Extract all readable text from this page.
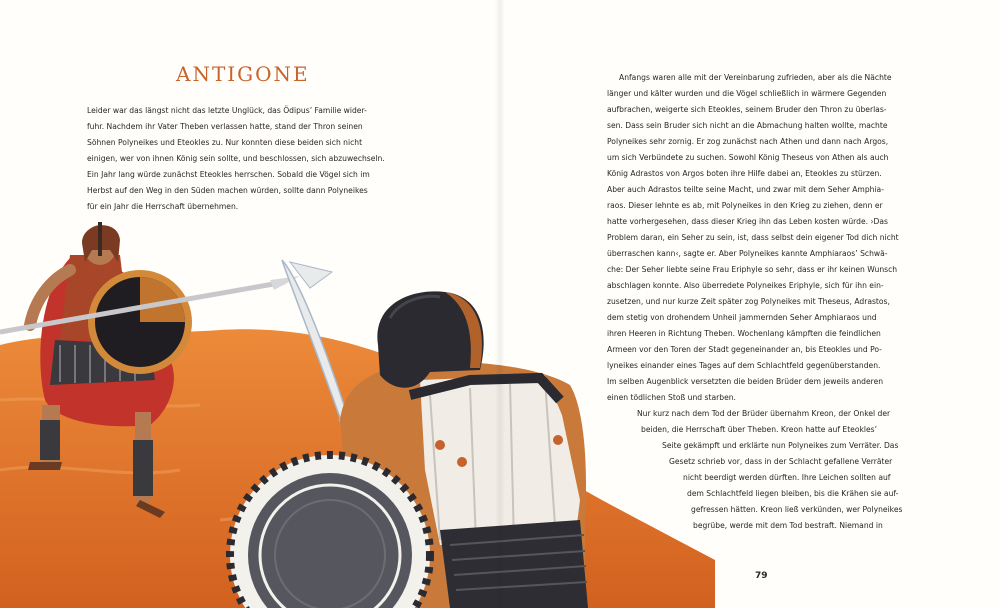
ANTIGONE
Leider war das längst nicht das letzte Unglück, das Ödipus’ Familie wider-
fuhr. Nachdem ihr Vater Theben verlassen hatte, stand der Thron seinen
Söhnen Polyneikes und Eteokles zu. Nur konnten diese beiden sich nicht
einigen, wer von ihnen König sein sollte, und beschlossen, sich abzuwechseln.
Ein Jahr lang würde zunächst Eteokles herrschen. Sobald die Vögel sich im
Herbst auf den Weg in den Süden machen würden, sollte dann Polyneikes
für ein Jahr die Herrschaft übernehmen.
Anfangs waren alle mit der Vereinbarung zufrieden, aber als die Nächte
länger und kälter wurden und die Vögel schließlich in wärmere Gegenden
aufbrachen, weigerte sich Eteokles, seinem Bruder den Thron zu überlas-
sen. Dass sein Bruder sich nicht an die Abmachung halten wollte, machte
Polyneikes sehr zornig. Er zog zunächst nach Athen und dann nach Argos,
um sich Verbündete zu suchen. Sowohl König Theseus von Athen als auch
König Adrastos von Argos boten ihre Hilfe dabei an, Eteokles zu stürzen.
Aber auch Adrastos teilte seine Macht, und zwar mit dem Seher Amphia-
raos. Dieser lehnte es ab, mit Polyneikes in den Krieg zu ziehen, denn er
hatte vorhergesehen, dass dieser Krieg ihn das Leben kosten würde. ›Das
Problem daran, ein Seher zu sein, ist, dass selbst dein eigener Tod dich nicht
überraschen kann‹, sagte er. Aber Polyneikes kannte Amphiaraos’ Schwä-
che: Der Seher liebte seine Frau Eriphyle so sehr, dass er ihr keinen Wunsch
abschlagen konnte. Also überredete Polyneikes Eriphyle, sich für ihn ein-
zusetzen, und nur kurze Zeit später zog Polyneikes mit Theseus, Adrastos,
dem stetig von drohendem Unheil jammernden Seher Amphiaraos und
ihren Heeren in Richtung Theben. Wochenlang kämpften die feindlichen
Armeen vor den Toren der Stadt gegeneinander an, bis Eteokles und Po-
lyneikes einander eines Tages auf dem Schlachtfeld gegenüberstanden.
Im selben Augenblick versetzten die beiden Brüder dem jeweils anderen
einen tödlichen Stoß und starben.
Nur kurz nach dem Tod der Brüder übernahm Kreon, der Onkel der
beiden, die Herrschaft über Theben. Kreon hatte auf Eteokles’
Seite gekämpft und erklärte nun Polyneikes zum Verräter. Das
Gesetz schrieb vor, dass in der Schlacht gefallene Verräter
nicht beerdigt werden dürften. Ihre Leichen sollten auf
dem Schlachtfeld liegen bleiben, bis die Krähen sie auf-
gefressen hätten. Kreon ließ verkünden, wer Polyneikes
begrübe, werde mit dem Tod bestraft. Niemand in
79
